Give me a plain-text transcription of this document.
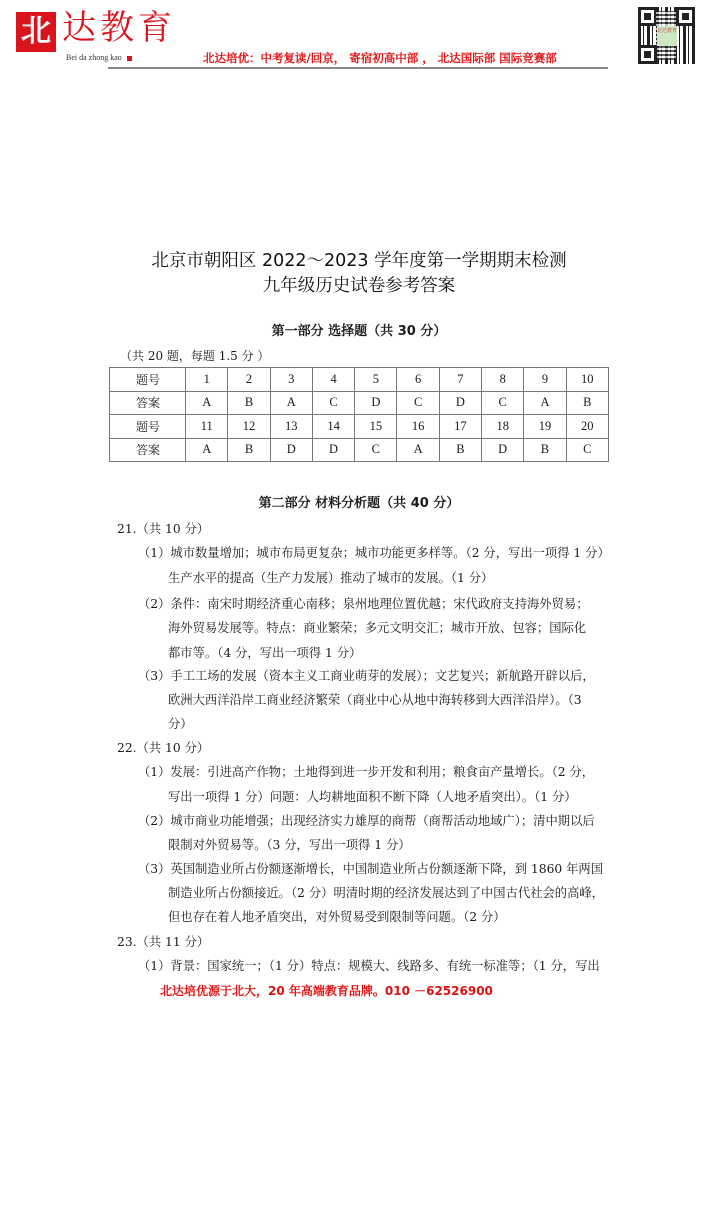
北 达教育
Bei da zhong kao	北达培优：中考复读/回京， 寄宿初高中部 ， 北达国际部 国际竞赛部
北达教育
北京市朝阳区 2022～2023 学年度第一学期期末检测
九年级历史试卷参考答案
第一部分 选择题（共 30 分）
（共 20 题，每题 1.5 分 ）
题号	1	2	3	4	5	6	7	8	9	10
答案	A	B	A	C	D	C	D	C	A	B
题号	11	12	13	14	15	16	17	18	19	20
答案	A	B	D	D	C	A	B	D	B	C
第二部分 材料分析题（共 40 分）
21.（共 10 分）
（1）城市数量增加；城市布局更复杂；城市功能更多样等。（2 分，写出一项得 1 分）
生产水平的提高（生产力发展）推动了城市的发展。（1 分）
（2）条件：南宋时期经济重心南移；泉州地理位置优越；宋代政府支持海外贸易；
海外贸易发展等。特点：商业繁荣；多元文明交汇；城市开放、包容；国际化
都市等。（4 分，写出一项得 1 分）
（3）手工工场的发展（资本主义工商业萌芽的发展）；文艺复兴；新航路开辟以后，
欧洲大西洋沿岸工商业经济繁荣（商业中心从地中海转移到大西洋沿岸）。（3
分）
22.（共 10 分）
（1）发展：引进高产作物；土地得到进一步开发和利用；粮食亩产量增长。（2 分，
写出一项得 1 分）问题：人均耕地面积不断下降（人地矛盾突出）。（1 分）
（2）城市商业功能增强；出现经济实力雄厚的商帮（商帮活动地域广）；清中期以后
限制对外贸易等。（3 分，写出一项得 1 分）
（3）英国制造业所占份额逐渐增长，中国制造业所占份额逐渐下降，到 1860 年两国
制造业所占份额接近。（2 分）明清时期的经济发展达到了中国古代社会的高峰，
但也存在着人地矛盾突出，对外贸易受到限制等问题。（2 分）
23.（共 11 分）
（1）背景：国家统一；（1 分）特点：规模大、线路多、有统一标准等；（1 分，写出
北达培优源于北大，20 年高端教育品牌。010 －62526900
